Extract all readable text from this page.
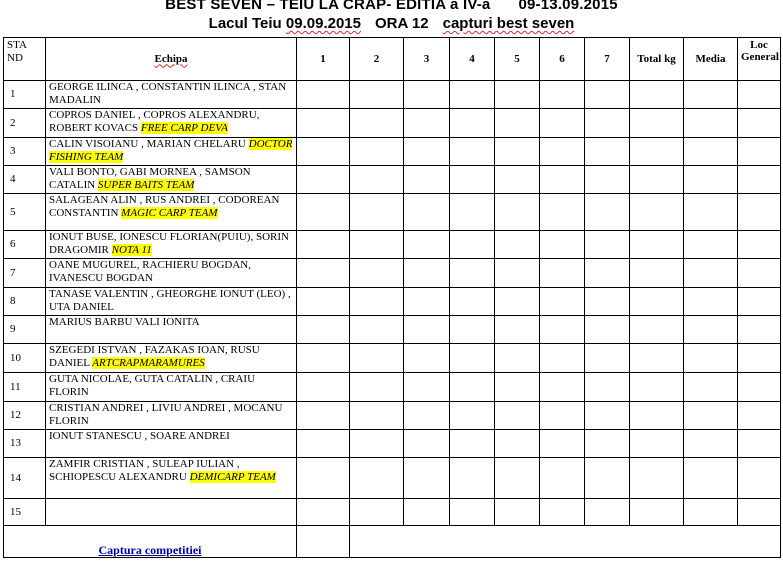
BEST SEVEN – TEIU LA CRAP- EDITIA a IV-a 09-13.09.2015
Lacul Teiu 09.09.2015 ORA 12 capturi best seven
STA ND	Echipa	1	2	3	4	5	6	7	Total kg	Media	Loc General
1	GEORGE ILINCA , CONSTANTIN ILINCA , STAN MADALIN										
2	COPROS DANIEL , COPROS ALEXANDRU, ROBERT KOVACS FREE CARP DEVA										
3	CALIN VISOIANU , MARIAN CHELARU DOCTOR FISHING TEAM										
4	VALI BONTO, GABI MORNEA , SAMSON CATALIN SUPER BAITS TEAM										
5	SALAGEAN ALIN , RUS ANDREI , CODOREAN CONSTANTIN MAGIC CARP TEAM										
6	IONUT BUSE, IONESCU FLORIAN(PUIU), SORIN DRAGOMIR NOTA 11										
7	OANE MUGUREL, RACHIERU BOGDAN, IVANESCU BOGDAN										
8	TANASE VALENTIN , GHEORGHE IONUT (LEO) , UTA DANIEL										
9	MARIUS BARBU VALI IONITA										
10	SZEGEDI ISTVAN , FAZAKAS IOAN, RUSU DANIEL ARTCRAPMARAMURES										
11	GUTA NICOLAE, GUTA CATALIN , CRAIU FLORIN										
12	CRISTIAN ANDREI , LIVIU ANDREI , MOCANU FLORIN										
13	IONUT STANESCU , SOARE ANDREI										
14	ZAMFIR CRISTIAN , SULEAP IULIAN , SCHIOPESCU ALEXANDRU DEMICARP TEAM										
15											
Captura competitiei											
